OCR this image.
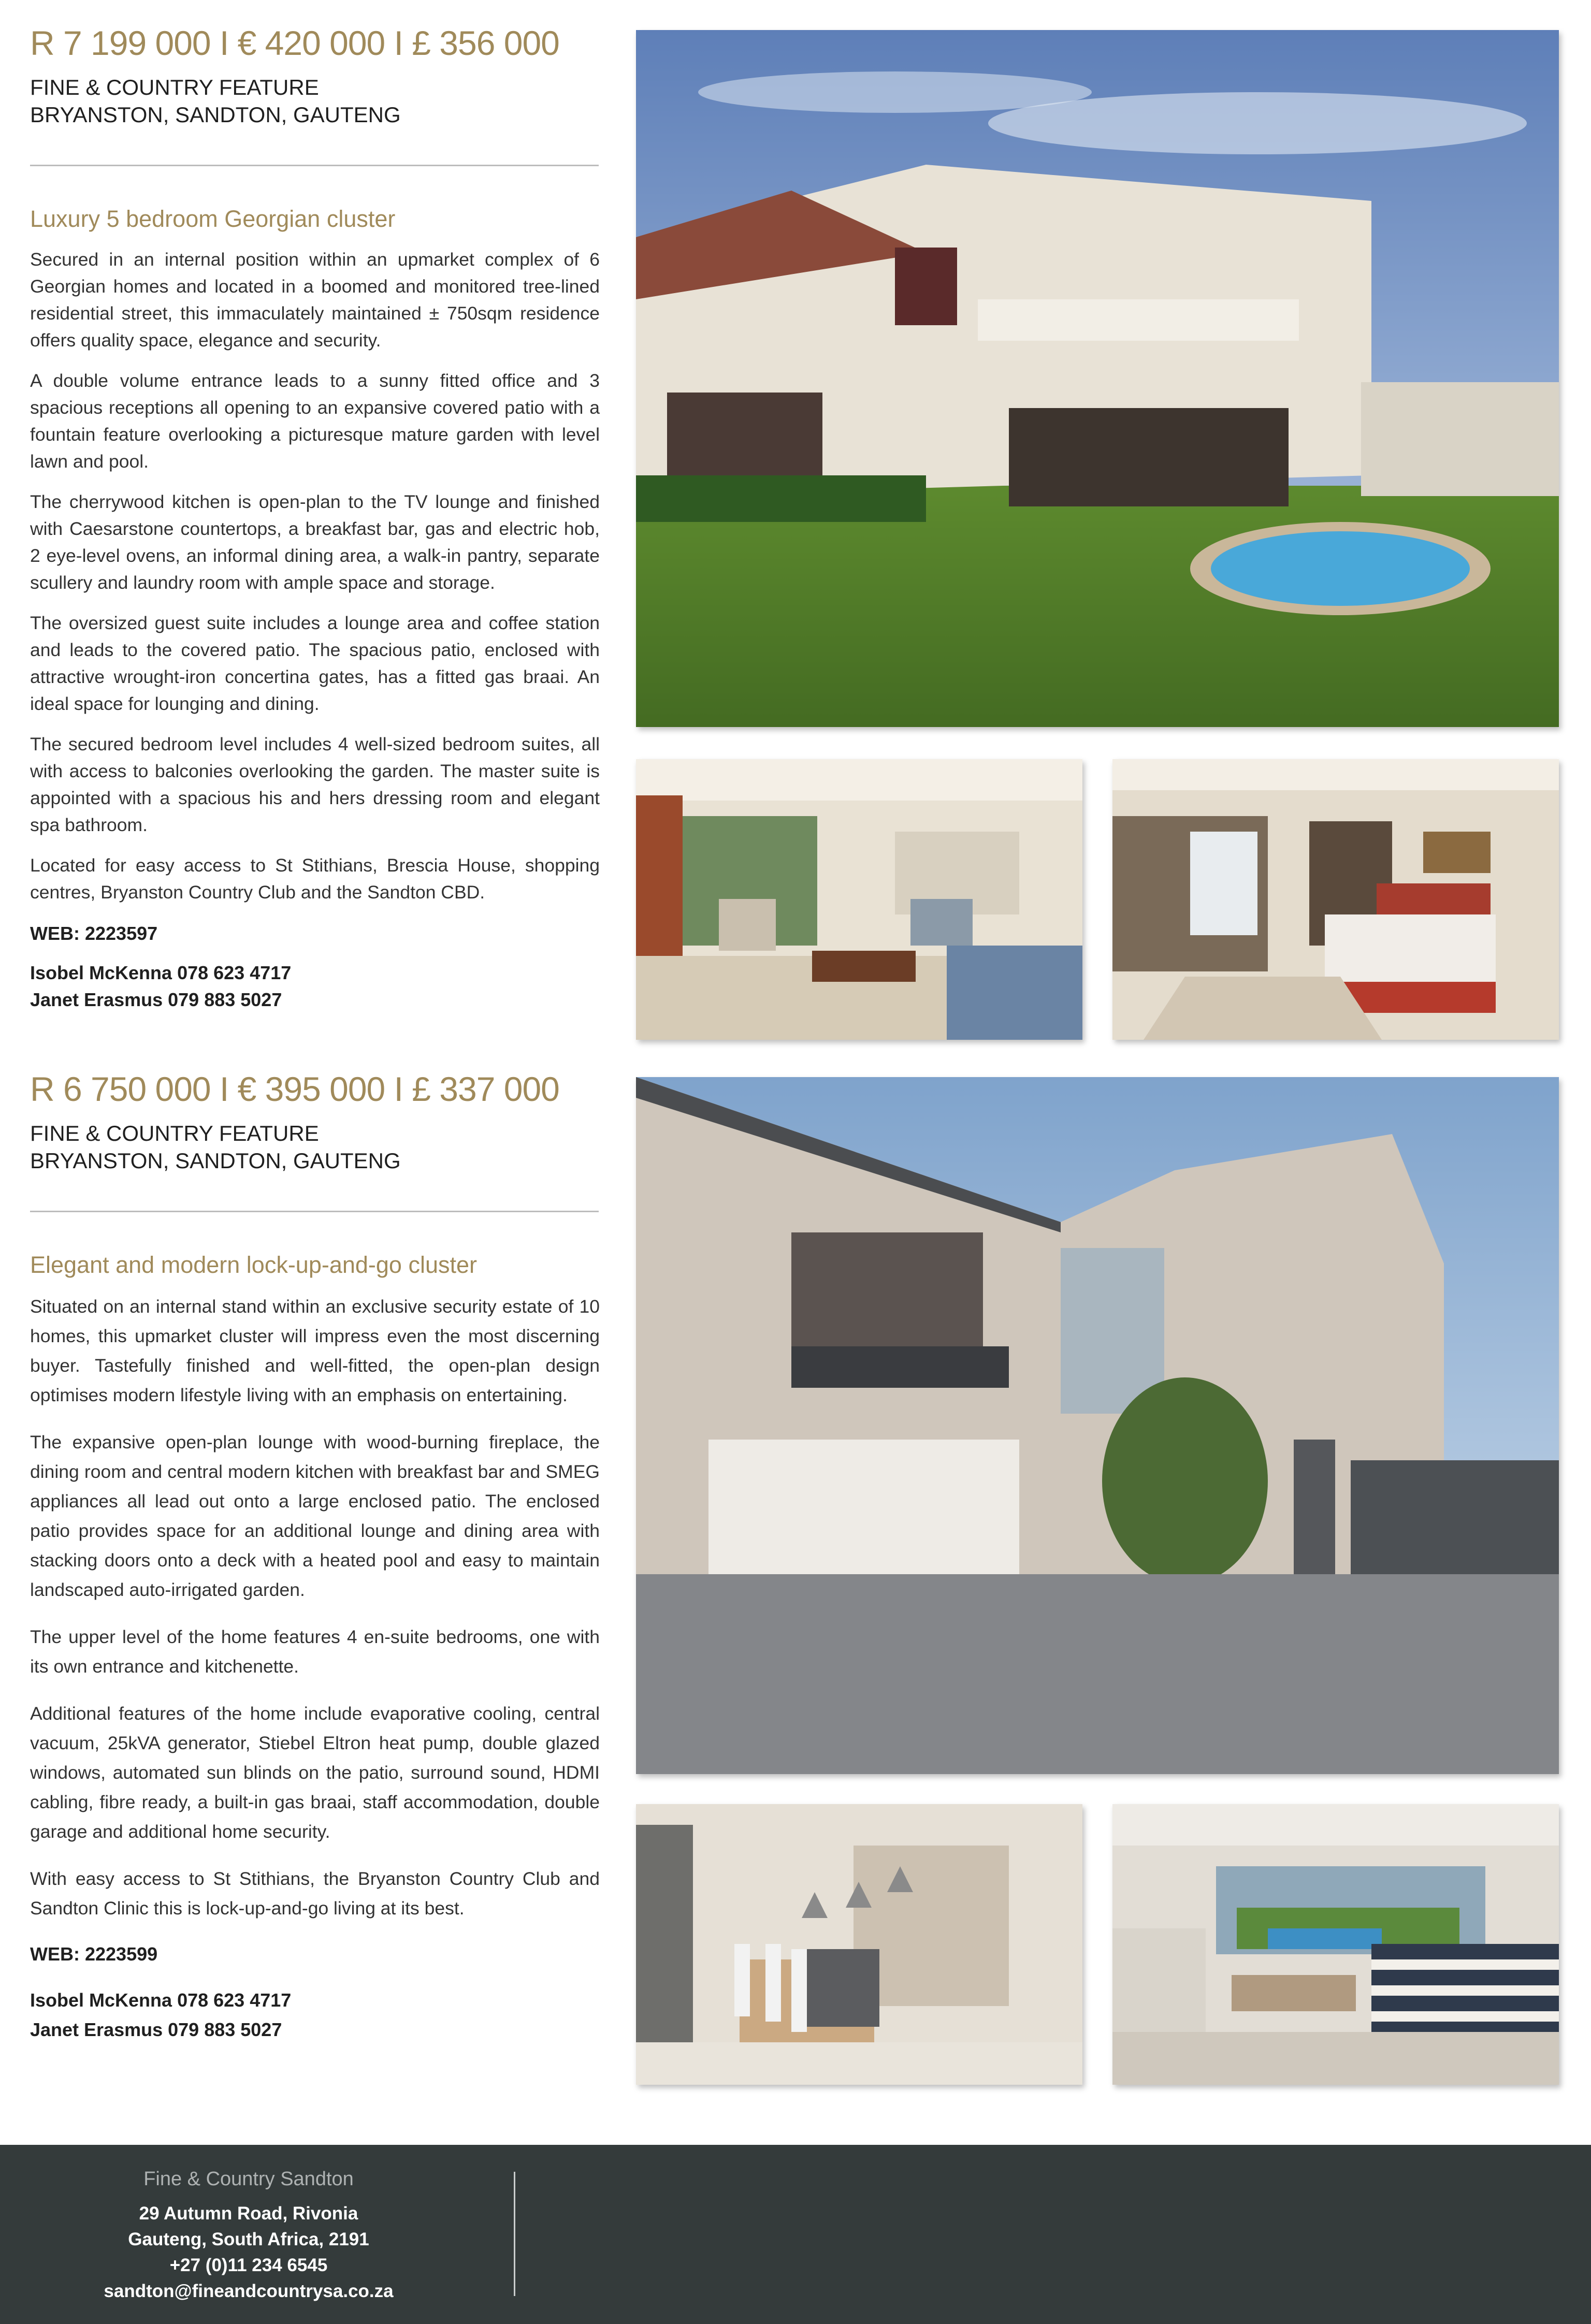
R 7 199 000 I € 420 000 I £ 356 000
FINE & COUNTRY FEATURE
BRYANSTON, SANDTON, GAUTENG
Luxury 5 bedroom Georgian cluster

Secured in an internal position within an upmarket complex of 6 Georgian homes and located in a boomed and monitored tree-lined residential street, this immaculately maintained ± 750sqm residence offers quality space, elegance and security.

A double volume entrance leads to a sunny fitted office and 3 spacious receptions all opening to an expansive covered patio with a fountain feature overlooking a picturesque mature garden with level lawn and pool.

The cherrywood kitchen is open-plan to the TV lounge and finished with Caesarstone countertops, a breakfast bar, gas and electric hob, 2 eye-level ovens, an informal dining area, a walk-in pantry, separate scullery and laundry room with ample space and storage.

The oversized guest suite includes a lounge area and coffee station and leads to the covered patio. The spacious patio, enclosed with attractive wrought-iron concertina gates, has a fitted gas braai. An ideal space for lounging and dining.

The secured bedroom level includes 4 well-sized bedroom suites, all with access to balconies overlooking the garden. The master suite is appointed with a spacious his and hers dressing room and elegant spa bathroom.

Located for easy access to St Stithians, Brescia House, shopping centres, Bryanston Country Club and the Sandton CBD.

WEB: 2223597
Isobel McKenna 078 623 4717
Janet Erasmus 079 883 5027
R 6 750 000 I € 395 000 I £ 337 000
FINE & COUNTRY FEATURE
BRYANSTON, SANDTON, GAUTENG
Elegant and modern lock-up-and-go cluster

Situated on an internal stand within an exclusive security estate of 10 homes, this upmarket cluster will impress even the most discerning buyer. Tastefully finished and well-fitted, the open-plan design optimises modern lifestyle living with an emphasis on entertaining.

The expansive open-plan lounge with wood-burning fireplace, the dining room and central modern kitchen with breakfast bar and SMEG appliances all lead out onto a large enclosed patio. The enclosed patio provides space for an additional lounge and dining area with stacking doors onto a deck with a heated pool and easy to maintain landscaped auto-irrigated garden.

The upper level of the home features 4 en-suite bedrooms, one with its own entrance and kitchenette.

Additional features of the home include evaporative cooling, central vacuum, 25kVA generator, Stiebel Eltron heat pump, double glazed windows, automated sun blinds on the patio, surround sound, HDMI cabling, fibre ready, a built-in gas braai, staff accommodation, double garage and additional home security.

With easy access to St Stithians, the Bryanston Country Club and Sandton Clinic this is lock-up-and-go living at its best.

WEB: 2223599
Isobel McKenna 078 623 4717
Janet Erasmus 079 883 5027
Fine & Country Sandton
29 Autumn Road, Rivonia
Gauteng, South Africa, 2191
+27 (0)11 234 6545
sandton@fineandcountrysa.co.za
